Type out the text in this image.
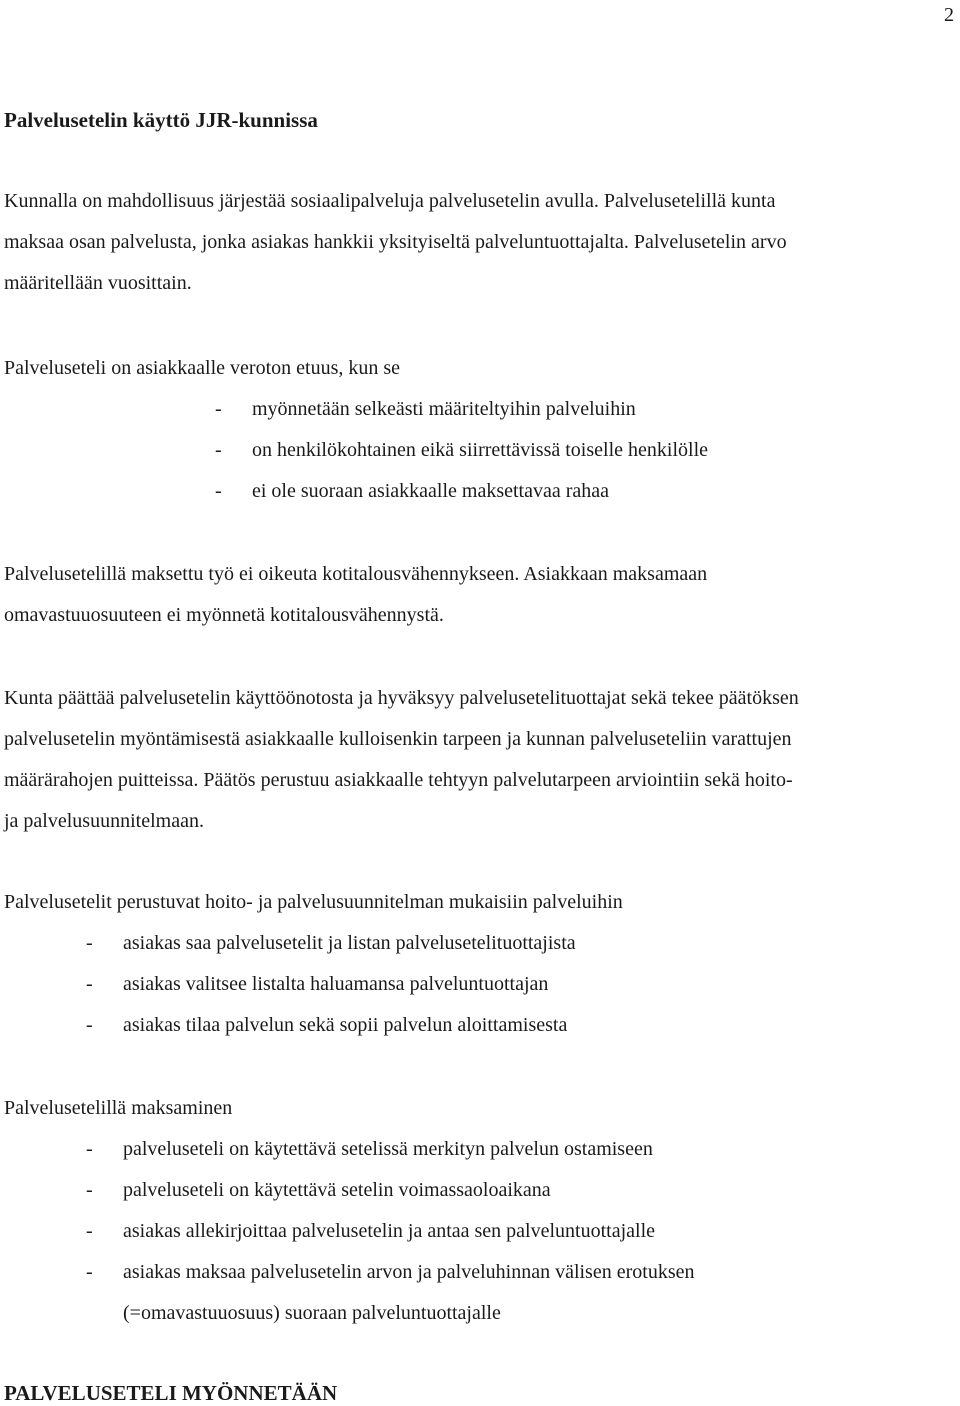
2

Palvelusetelin käyttö JJR-kunnissa

Kunnalla on mahdollisuus järjestää sosiaalipalveluja palvelusetelin avulla. Palvelusetelillä kunta

maksaa osan palvelusta, jonka asiakas hankkii yksityiseltä palveluntuottajalta. Palvelusetelin arvo

määritellään vuosittain.

Palveluseteli on asiakkaalle veroton etuus, kun se

-	myönnetään selkeästi määriteltyihin palveluihin
-	on henkilökohtainen eikä siirrettävissä toiselle henkilölle
-	ei ole suoraan asiakkaalle maksettavaa rahaa

Palvelusetelillä maksettu työ ei oikeuta kotitalousvähennykseen. Asiakkaan maksamaan

omavastuuosuuteen ei myönnetä kotitalousvähennystä.

Kunta päättää palvelusetelin käyttöönotosta ja hyväksyy palvelusetelituottajat sekä tekee päätöksen

palvelusetelin myöntämisestä asiakkaalle kulloisenkin tarpeen ja kunnan palveluseteliin varattujen

määrärahojen puitteissa. Päätös perustuu asiakkaalle tehtyyn palvelutarpeen arviointiin sekä hoito-

ja palvelusuunnitelmaan.

Palvelusetelit perustuvat hoito- ja palvelusuunnitelman mukaisiin palveluihin

-	asiakas saa palvelusetelit ja listan palvelusetelituottajista
-	asiakas valitsee listalta haluamansa palveluntuottajan
-	asiakas tilaa palvelun sekä sopii palvelun aloittamisesta

Palvelusetelillä maksaminen

-	palveluseteli on käytettävä setelissä merkityn palvelun ostamiseen
-	palveluseteli on käytettävä setelin voimassaoloaikana
-	asiakas allekirjoittaa palvelusetelin ja antaa sen palveluntuottajalle
-	asiakas maksaa palvelusetelin arvon ja palveluhinnan välisen erotuksen
(=omavastuuosuus) suoraan palveluntuottajalle
PALVELUSETELI MYÖNNETÄÄN
